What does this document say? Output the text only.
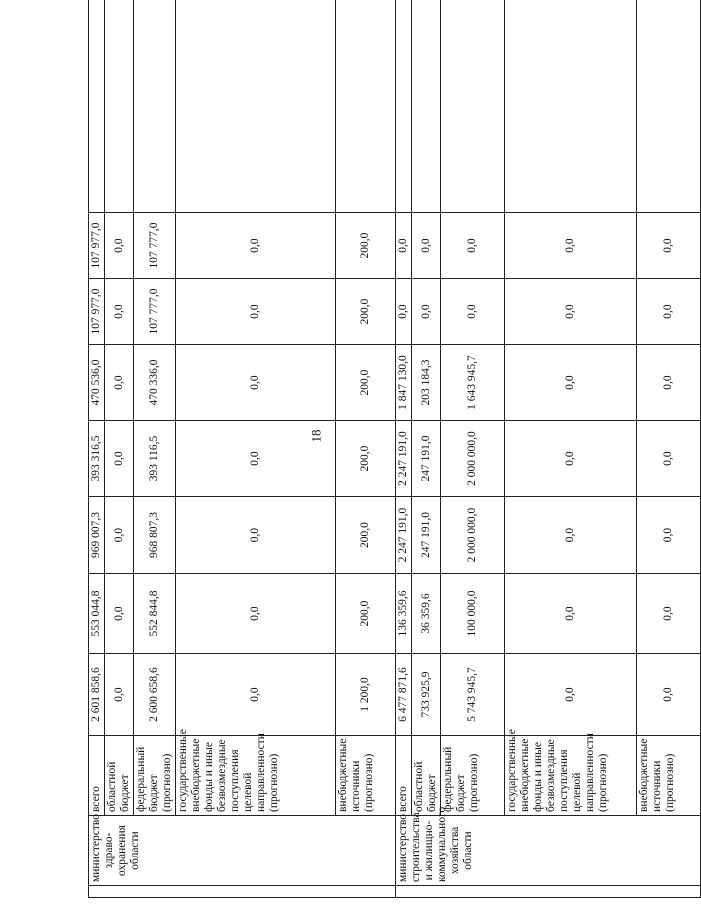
18
	министерство здраво-охранения области	всего	2 601 858,6	553 044,8	969 007,3	393 316,5	470 536,0	107 977,0	107 977,0	
		областной бюджет	0,0	0,0	0,0	0,0	0,0	0,0	0,0	
		федеральный бюджет (прогнозно)	2 600 658,6	552 844,8	968 807,3	393 116,5	470 336,0	107 777,0	107 777,0	
		государственные внебюджетные фонды и иные безвозмездные поступления целевой направленности (прогнозно)	0,0	0,0	0,0	0,0	0,0	0,0	0,0	
		внебюджетные источники (прогнозно)	1 200,0	200,0	200,0	200,0	200,0	200,0	200,0	
	министерство строительства и жилищно-коммунального хозяйства области	всего	6 477 871,6	136 359,6	2 247 191,0	2 247 191,0	1 847 130,0	0,0	0,0	
		областной бюджет	733 925,9	36 359,6	247 191,0	247 191,0	203 184,3	0,0	0,0	
		федеральный бюджет (прогнозно)	5 743 945,7	100 000,0	2 000 000,0	2 000 000,0	1 643 945,7	0,0	0,0	
		государственные внебюджетные фонды и иные безвозмездные поступления целевой направленности (прогнозно)	0,0	0,0	0,0	0,0	0,0	0,0	0,0	
		внебюджетные источники (прогнозно)	0,0	0,0	0,0	0,0	0,0	0,0	0,0	
